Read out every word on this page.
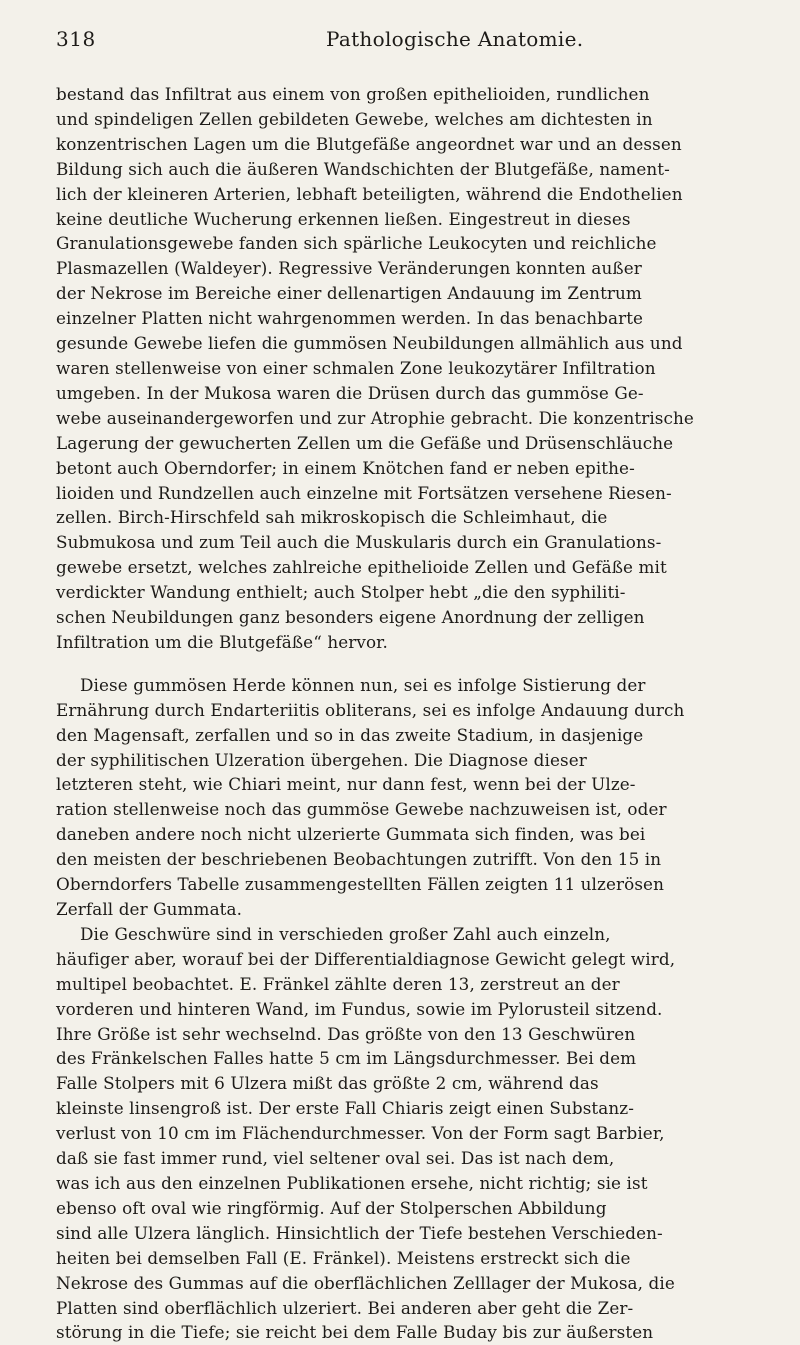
318	Pathologische Anatomie.

bestand das Infiltrat aus einem von großen epithelioiden, rundlichen
und spindeligen Zellen gebildeten Gewebe, welches am dichtesten in
konzentrischen Lagen um die Blutgefäße angeordnet war und an dessen
Bildung sich auch die äußeren Wandschichten der Blutgefäße, nament-
lich der kleineren Arterien, lebhaft beteiligten, während die Endothelien
keine deutliche Wucherung erkennen ließen. Eingestreut in dieses
Granulationsgewebe fanden sich spärliche Leukocyten und reichliche
Plasmazellen (Waldeyer). Regressive Veränderungen konnten außer
der Nekrose im Bereiche einer dellenartigen Andauung im Zentrum
einzelner Platten nicht wahrgenommen werden. In das benachbarte
gesunde Gewebe liefen die gummösen Neubildungen allmählich aus und
waren stellenweise von einer schmalen Zone leukozytärer Infiltration
umgeben. In der Mukosa waren die Drüsen durch das gummöse Ge-
webe auseinandergeworfen und zur Atrophie gebracht. Die konzentrische
Lagerung der gewucherten Zellen um die Gefäße und Drüsenschläuche
betont auch Oberndorfer; in einem Knötchen fand er neben epithe-
lioiden und Rundzellen auch einzelne mit Fortsätzen versehene Riesen-
zellen. Birch-Hirschfeld sah mikroskopisch die Schleimhaut, die
Submukosa und zum Teil auch die Muskularis durch ein Granulations-
gewebe ersetzt, welches zahlreiche epithelioide Zellen und Gefäße mit
verdickter Wandung enthielt; auch Stolper hebt „die den syphiliti-
schen Neubildungen ganz besonders eigene Anordnung der zelligen
Infiltration um die Blutgefäße“ hervor.

Diese gummösen Herde können nun, sei es infolge Sistierung der
Ernährung durch Endarteriitis obliterans, sei es infolge Andauung durch
den Magensaft, zerfallen und so in das zweite Stadium, in dasjenige
der syphilitischen Ulzeration übergehen. Die Diagnose dieser
letzteren steht, wie Chiari meint, nur dann fest, wenn bei der Ulze-
ration stellenweise noch das gummöse Gewebe nachzuweisen ist, oder
daneben andere noch nicht ulzerierte Gummata sich finden, was bei
den meisten der beschriebenen Beobachtungen zutrifft. Von den 15 in
Oberndorfers Tabelle zusammengestellten Fällen zeigten 11 ulzerösen
Zerfall der Gummata.

Die Geschwüre sind in verschieden großer Zahl auch einzeln,
häufiger aber, worauf bei der Differentialdiagnose Gewicht gelegt wird,
multipel beobachtet. E. Fränkel zählte deren 13, zerstreut an der
vorderen und hinteren Wand, im Fundus, sowie im Pylorusteil sitzend.
Ihre Größe ist sehr wechselnd. Das größte von den 13 Geschwüren
des Fränkelschen Falles hatte 5 cm im Längsdurchmesser. Bei dem
Falle Stolpers mit 6 Ulzera mißt das größte 2 cm, während das
kleinste linsengroß ist. Der erste Fall Chiaris zeigt einen Substanz-
verlust von 10 cm im Flächendurchmesser. Von der Form sagt Barbier,
daß sie fast immer rund, viel seltener oval sei. Das ist nach dem,
was ich aus den einzelnen Publikationen ersehe, nicht richtig; sie ist
ebenso oft oval wie ringförmig. Auf der Stolperschen Abbildung
sind alle Ulzera länglich. Hinsichtlich der Tiefe bestehen Verschieden-
heiten bei demselben Fall (E. Fränkel). Meistens erstreckt sich die
Nekrose des Gummas auf die oberflächlichen Zelllager der Mukosa, die
Platten sind oberflächlich ulzeriert. Bei anderen aber geht die Zer-
störung in die Tiefe; sie reicht bei dem Falle Buday bis zur äußersten
